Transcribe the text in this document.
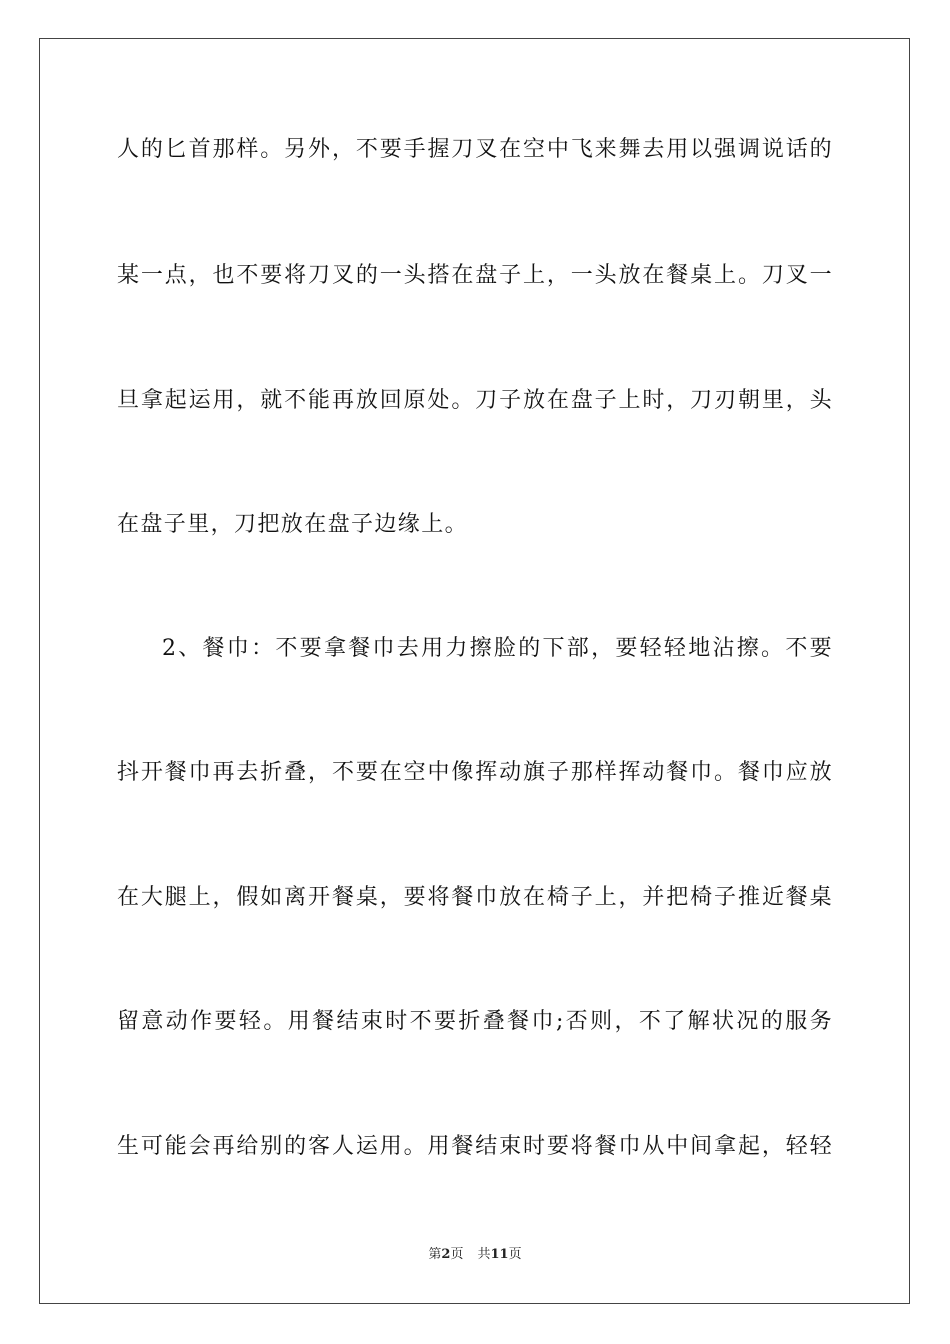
人的匕首那样。另外，不要手握刀叉在空中飞来舞去用以强调说话的
某一点，也不要将刀叉的一头搭在盘子上，一头放在餐桌上。刀叉一
旦拿起运用，就不能再放回原处。刀子放在盘子上时，刀刃朝里，头
在盘子里，刀把放在盘子边缘上。
2、餐巾：不要拿餐巾去用力擦脸的下部，要轻轻地沾擦。不要
抖开餐巾再去折叠，不要在空中像挥动旗子那样挥动餐巾。餐巾应放
在大腿上，假如离开餐桌，要将餐巾放在椅子上，并把椅子推近餐桌
留意动作要轻。用餐结束时不要折叠餐巾;否则，不了解状况的服务
生可能会再给别的客人运用。用餐结束时要将餐巾从中间拿起，轻轻
第2页 共11页
